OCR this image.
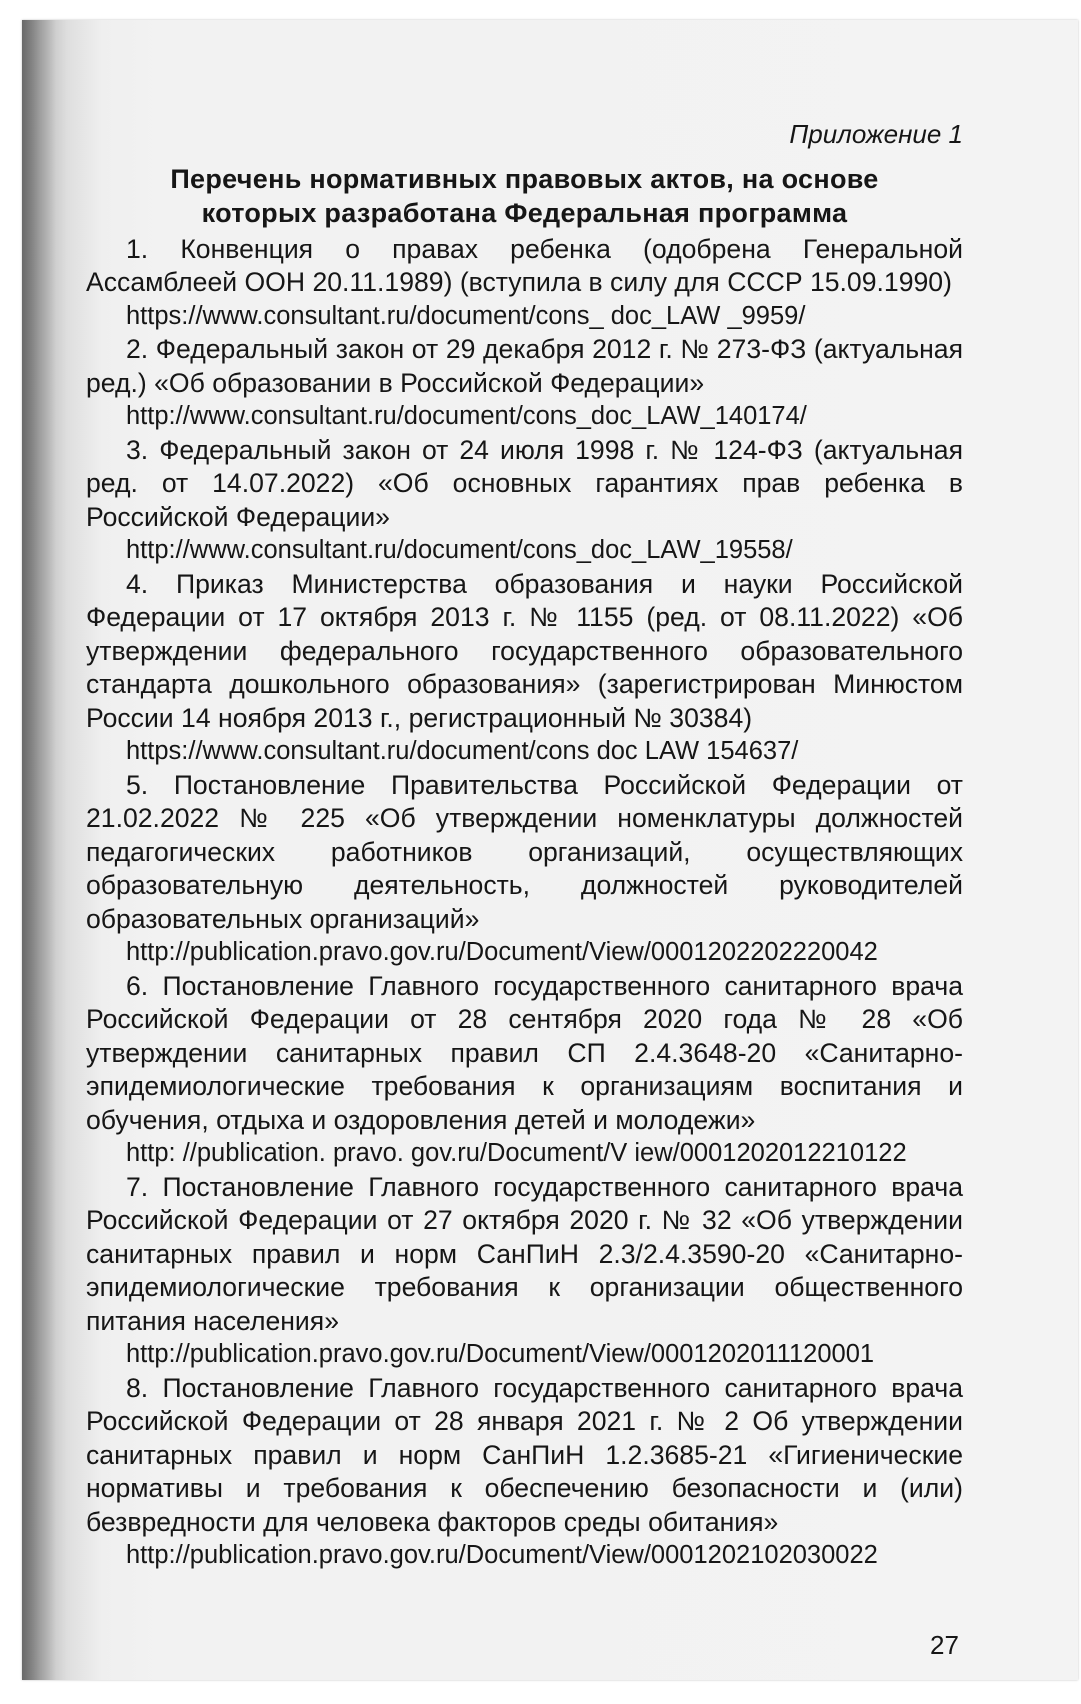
Приложение 1
Перечень нормативных правовых актов, на основе
которых разработана Федеральная программа

1. Конвенция о правах ребенка (одобрена Генеральной Ассамблеей ООН 20.11.1989) (вступила в силу для СССР 15.09.1990)

https://www.consultant.ru/document/cons_ doc_LAW _9959/

2. Федеральный закон от 29 декабря 2012 г. № 273-ФЗ (актуальная ред.) «Об образовании в Российской Федерации»

http://www.consultant.ru/document/cons_doc_LAW_140174/

3. Федеральный закон от 24 июля 1998 г. № 124-ФЗ (актуальная ред. от 14.07.2022) «Об основных гарантиях прав ребенка в Российской Федерации»

http://www.consultant.ru/document/cons_doc_LAW_19558/

4. Приказ Министерства образования и науки Российской Федерации от 17 октября 2013 г. № 1155 (ред. от 08.11.2022) «Об утверждении федерального государственного образовательного стандарта дошкольного образования» (зарегистрирован Минюстом России 14 ноября 2013 г., регистрационный № 30384)

https://www.consultant.ru/document/cons doc LAW 154637/

5. Постановление Правительства Российской Федерации от 21.02.2022 № 225 «Об утверждении номенклатуры должностей педагогических работников организаций, осуществляющих образовательную деятельность, должностей руководителей образовательных организаций»

http://publication.pravo.gov.ru/Document/View/0001202202220042

6. Постановление Главного государственного санитарного врача Российской Федерации от 28 сентября 2020 года № 28 «Об утверждении санитарных правил СП 2.4.3648-20 «Санитарно-эпидемиологические требования к организациям воспитания и обучения, отдыха и оздоровления детей и молодежи»

http: //publication. pravo. gov.ru/Document/V iew/0001202012210122

7. Постановление Главного государственного санитарного врача Российской Федерации от 27 октября 2020 г. № 32 «Об утверждении санитарных правил и норм СанПиН 2.3/2.4.3590-20 «Санитарно-эпидемиологические требования к организации общественного питания населения»

http://publication.pravo.gov.ru/Document/View/0001202011120001

8. Постановление Главного государственного санитарного врача Российской Федерации от 28 января 2021 г. № 2 Об утверждении санитарных правил и норм СанПиН 1.2.3685-21 «Гигиенические нормативы и требования к обеспечению безопасности и (или) безвредности для человека факторов среды обитания»

http://publication.pravo.gov.ru/Document/View/0001202102030022
27
